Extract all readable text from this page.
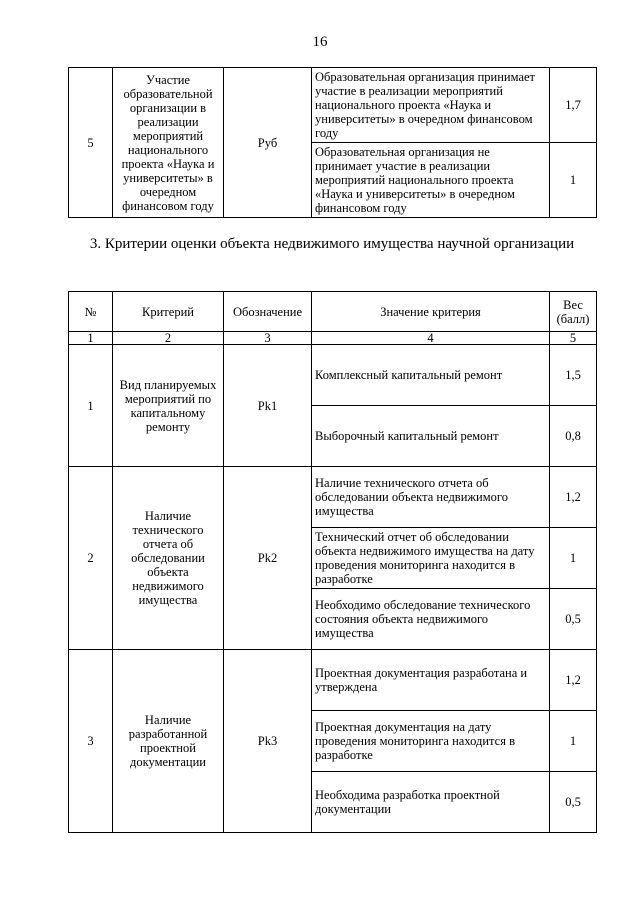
16
5	Участие образовательной организации в реализации мероприятий национального проекта «Наука и университеты» в очередном финансовом году	Руб	Образовательная организация принимает участие в реализации мероприятий национального проекта «Наука и университеты» в очередном финансовом году	1,7
			Образовательная организация не принимает участие в реализации мероприятий национального проекта «Наука и университеты» в очередном финансовом году	1
3. Критерии оценки объекта недвижимого имущества научной организации
№	Критерий	Обозначение	Значение критерия	Вес (балл)
1	2	3	4	5
1	Вид планируемых мероприятий по капитальному ремонту	Рk1	Комплексный капитальный ремонт	1,5
			Выборочный капитальный ремонт	0,8
2	Наличие технического отчета об обследовании объекта недвижимого имущества	Рk2	Наличие технического отчета об обследовании объекта недвижимого имущества	1,2
			Технический отчет об обследовании объекта недвижимого имущества на дату проведения мониторинга находится в разработке	1
			Необходимо обследование технического состояния объекта недвижимого имущества	0,5
3	Наличие разработанной проектной документации	Рk3	Проектная документация разработана и утверждена	1,2
			Проектная документация на дату проведения мониторинга находится в разработке	1
			Необходима разработка проектной документации	0,5
